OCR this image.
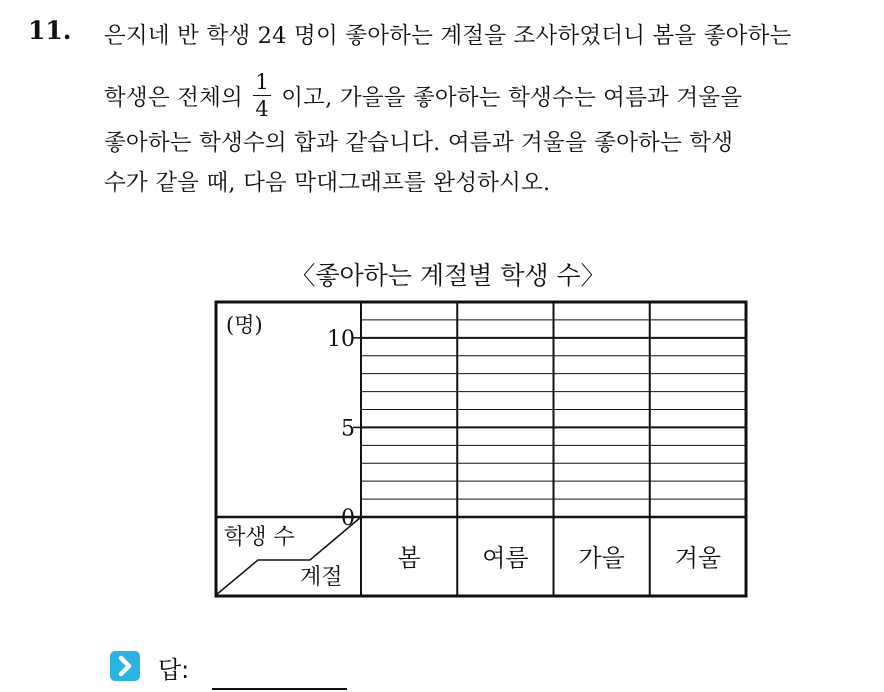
11. 은지네 반 학생 24 명이 좋아하는 계절을 조사하였더니 봄을 좋아하는
학생은 전체의 $\frac{1}{4}$ 이고, 가을을 좋아하는 학생수는 여름과 겨울을
좋아하는 학생수의 합과 같습니다. 여름과 겨울을 좋아하는 학생
수가 같을 때, 다음 막대그래프를 완성하시오.
〈좋아하는 계절별 학생 수〉
0
5
10
(명)
학생 수
계절
봄	여름 가을 겨울
답:
